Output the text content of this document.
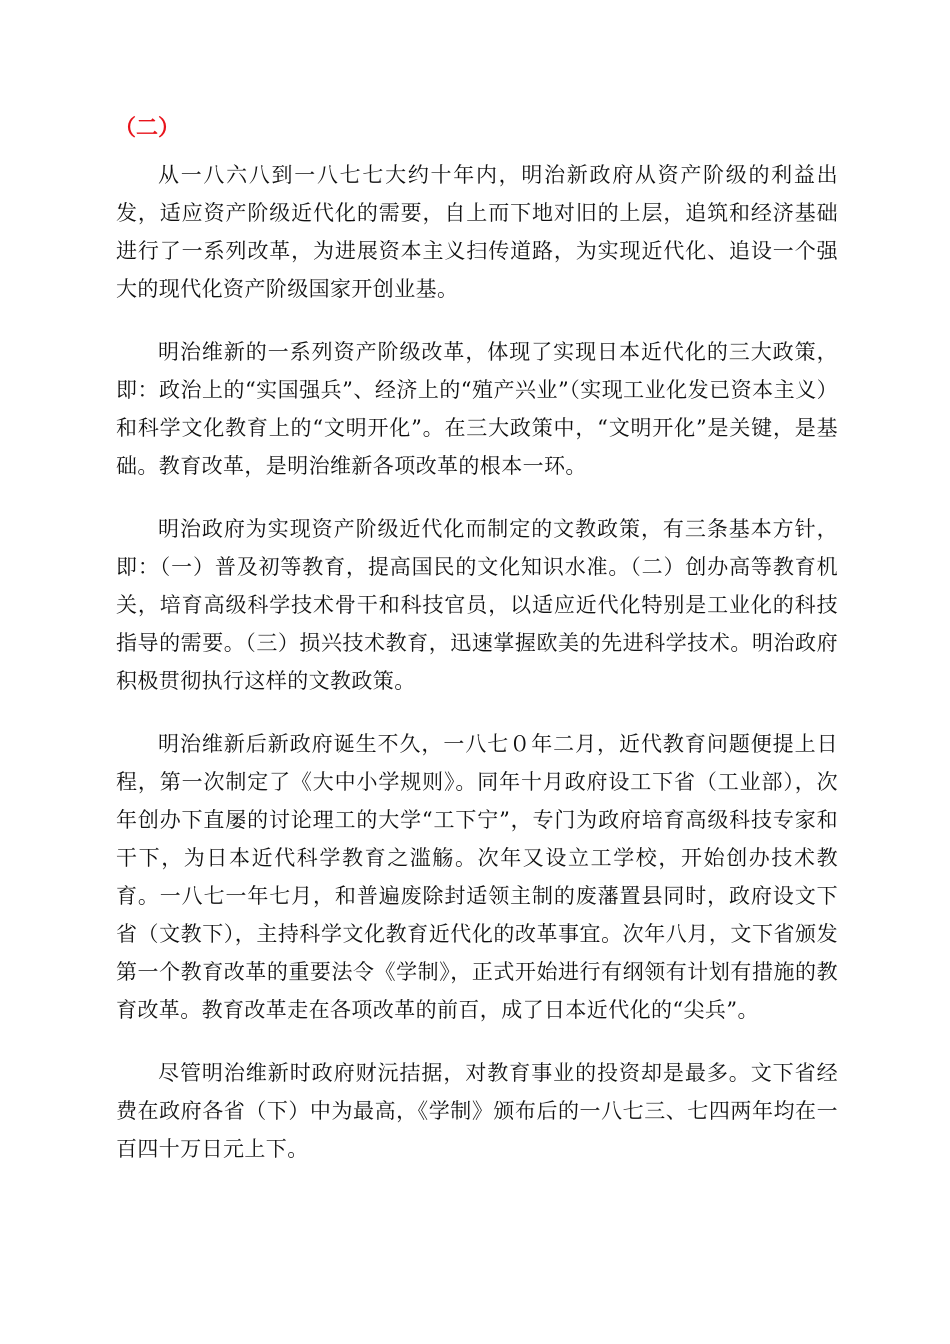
（二）

从一八六八到一八七七大约十年内，明治新政府从资产阶级的利益出发，适应资产阶级近代化的需要，自上而下地对旧的上层，追筑和经济基础进行了一系列改革，为进展资本主义扫传道路，为实现近代化、追设一个强大的现代化资产阶级国家开创业基。

明治维新的一系列资产阶级改革，体现了实现日本近代化的三大政策，即：政治上的“实国强兵”、经济上的“殖产兴业”（实现工业化发已资本主义）和科学文化教育上的“文明开化”。在三大政策中，“文明开化”是关键，是基础。教育改革，是明治维新各项改革的根本一环。

明治政府为实现资产阶级近代化而制定的文教政策，有三条基本方针，即：（一）普及初等教育，提高国民的文化知识水准。（二）创办高等教育机关，培育高级科学技术骨干和科技官员，以适应近代化特别是工业化的科技指导的需要。（三）损兴技术教育，迅速掌握欧美的先进科学技术。明治政府积极贯彻执行这样的文教政策。

明治维新后新政府诞生不久，一八七０年二月，近代教育问题便提上日程，第一次制定了《大中小学规则》。同年十月政府设工下省（工业部），次年创办下直屡的讨论理工的大学“工下宁”，专门为政府培育高级科技专家和干下，为日本近代科学教育之滥觞。次年又设立工学校，开始创办技术教育。一八七一年七月，和普遍废除封适领主制的废藩置县同时，政府设文下省（文教下），主持科学文化教育近代化的改革事宜。次年八月，文下省颁发第一个教育改革的重要法令《学制》，正式开始进行有纲领有计划有措施的教育改革。教育改革走在各项改革的前百，成了日本近代化的“尖兵”。

尽管明治维新时政府财沅拮据，对教育事业的投资却是最多。文下省经费在政府各省（下）中为最高，《学制》颁布后的一八七三、七四两年均在一百四十万日元上下。
